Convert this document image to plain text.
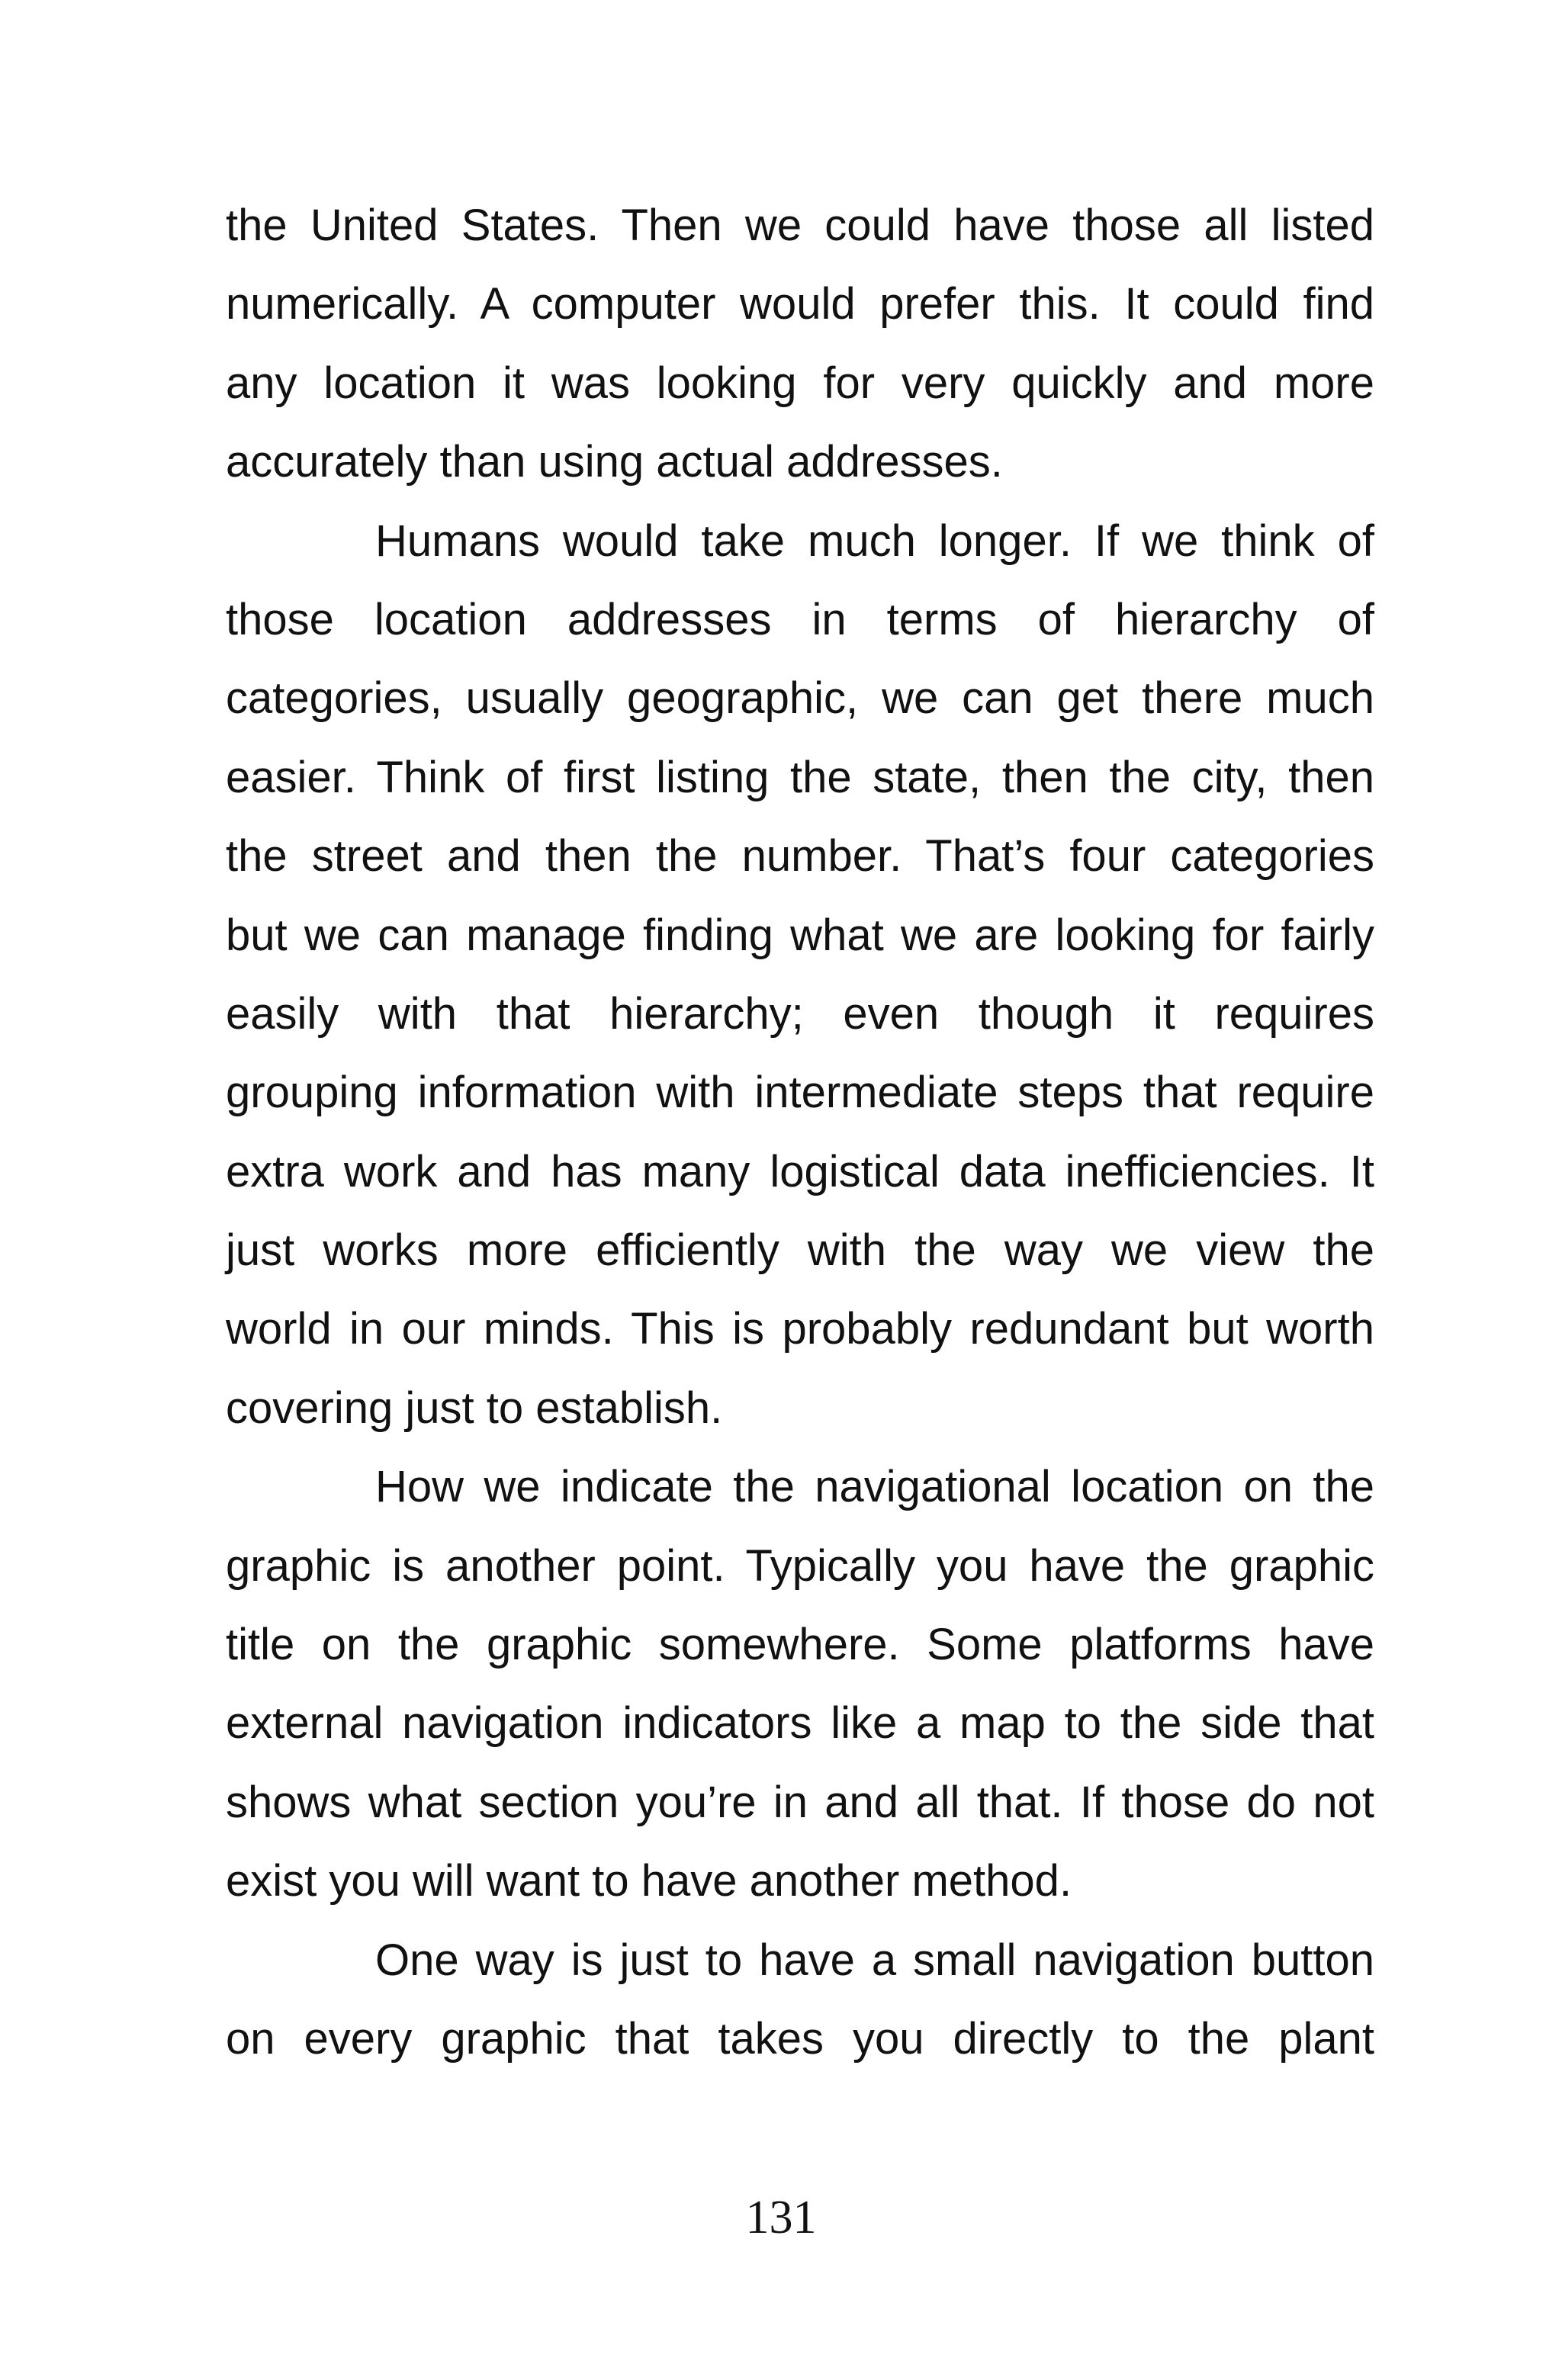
the United States. Then we could have those all listed
numerically. A computer would prefer this. It could find
any location it was looking for very quickly and more
accurately than using actual addresses.
Humans would take much longer. If we think of
those location addresses in terms of hierarchy of
categories, usually geographic, we can get there much
easier. Think of first listing the state, then the city, then
the street and then the number. That’s four categories
but we can manage finding what we are looking for fairly
easily with that hierarchy; even though it requires
grouping information with intermediate steps that require
extra work and has many logistical data inefficiencies. It
just works more efficiently with the way we view the
world in our minds. This is probably redundant but worth
covering just to establish.
How we indicate the navigational location on the
graphic is another point. Typically you have the graphic
title on the graphic somewhere. Some platforms have
external navigation indicators like a map to the side that
shows what section you’re in and all that. If those do not
exist you will want to have another method.
One way is just to have a small navigation button
on every graphic that takes you directly to the plant
131
